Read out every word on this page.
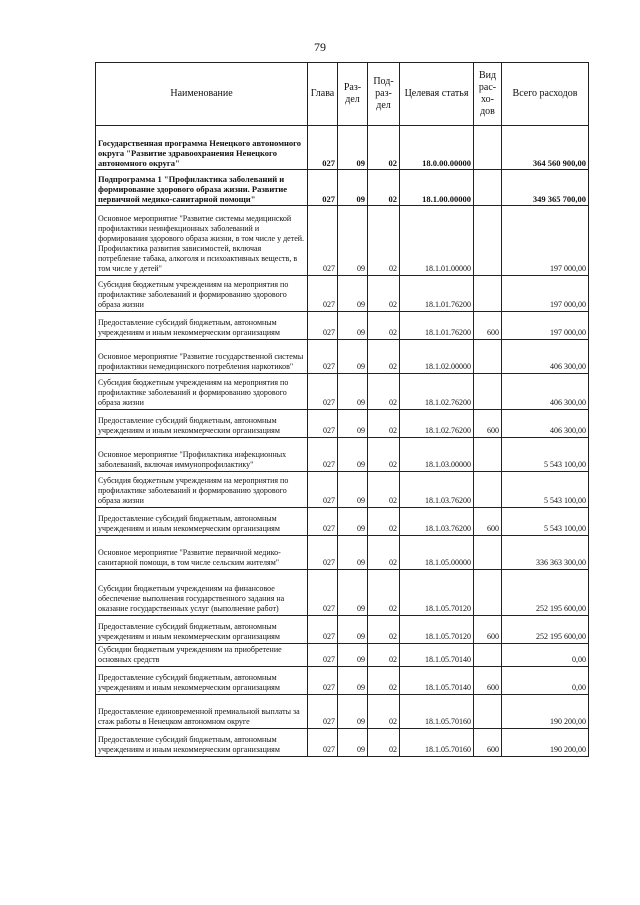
79
Наименование	Глава	Раз- дел	Под- раз- дел	Целевая статья	Вид рас- хо- дов	Всего расходов
Государственная программа Ненецкого автономного округа "Развитие здравоохранения Ненецкого автономного округа"	027	09	02	18.0.00.00000		364 560 900,00
Подпрограмма 1 "Профилактика заболеваний и формирование здорового образа жизни. Развитие первичной медико-санитарной помощи"	027	09	02	18.1.00.00000		349 365 700,00
Основное мероприятие "Развитие системы медицинской профилактики неинфекционных заболеваний и формирования здорового образа жизни, в том числе у детей. Профилактика развития зависимостей, включая потребление табака, алкоголя и психоактивных веществ, в том числе у детей"	027	09	02	18.1.01.00000		197 000,00
Субсидия бюджетным учреждениям на мероприятия по профилактике заболеваний и формированию здорового образа жизни	027	09	02	18.1.01.76200		197 000,00
Предоставление субсидий бюджетным, автономным учреждениям и иным некоммерческим организациям	027	09	02	18.1.01.76200	600	197 000,00
Основное мероприятие "Развитие государственной системы профилактики немедицинского потребления наркотиков"	027	09	02	18.1.02.00000		406 300,00
Субсидия бюджетным учреждениям на мероприятия по профилактике заболеваний и формированию здорового образа жизни	027	09	02	18.1.02.76200		406 300,00
Предоставление субсидий бюджетным, автономным учреждениям и иным некоммерческим организациям	027	09	02	18.1.02.76200	600	406 300,00
Основное мероприятие "Профилактика инфекционных заболеваний, включая иммунопрофилактику"	027	09	02	18.1.03.00000		5 543 100,00
Субсидия бюджетным учреждениям на мероприятия по профилактике заболеваний и формированию здорового образа жизни	027	09	02	18.1.03.76200		5 543 100,00
Предоставление субсидий бюджетным, автономным учреждениям и иным некоммерческим организациям	027	09	02	18.1.03.76200	600	5 543 100,00
Основное мероприятие "Развитие первичной медико-санитарной помощи, в том числе сельским жителям"	027	09	02	18.1.05.00000		336 363 300,00
Субсидии бюджетным учреждениям на финансовое обеспечение выполнения государственного задания на оказание государственных услуг (выполнение работ)	027	09	02	18.1.05.70120		252 195 600,00
Предоставление субсидий бюджетным, автономным учреждениям и иным некоммерческим организациям	027	09	02	18.1.05.70120	600	252 195 600,00
Субсидии бюджетным учреждениям на приобретение основных средств	027	09	02	18.1.05.70140		0,00
Предоставление субсидий бюджетным, автономным учреждениям и иным некоммерческим организациям	027	09	02	18.1.05.70140	600	0,00
Предоставление единовременной премиальной выплаты за стаж работы в Ненецком автономном округе	027	09	02	18.1.05.70160		190 200,00
Предоставление субсидий бюджетным, автономным учреждениям и иным некоммерческим организациям	027	09	02	18.1.05.70160	600	190 200,00
